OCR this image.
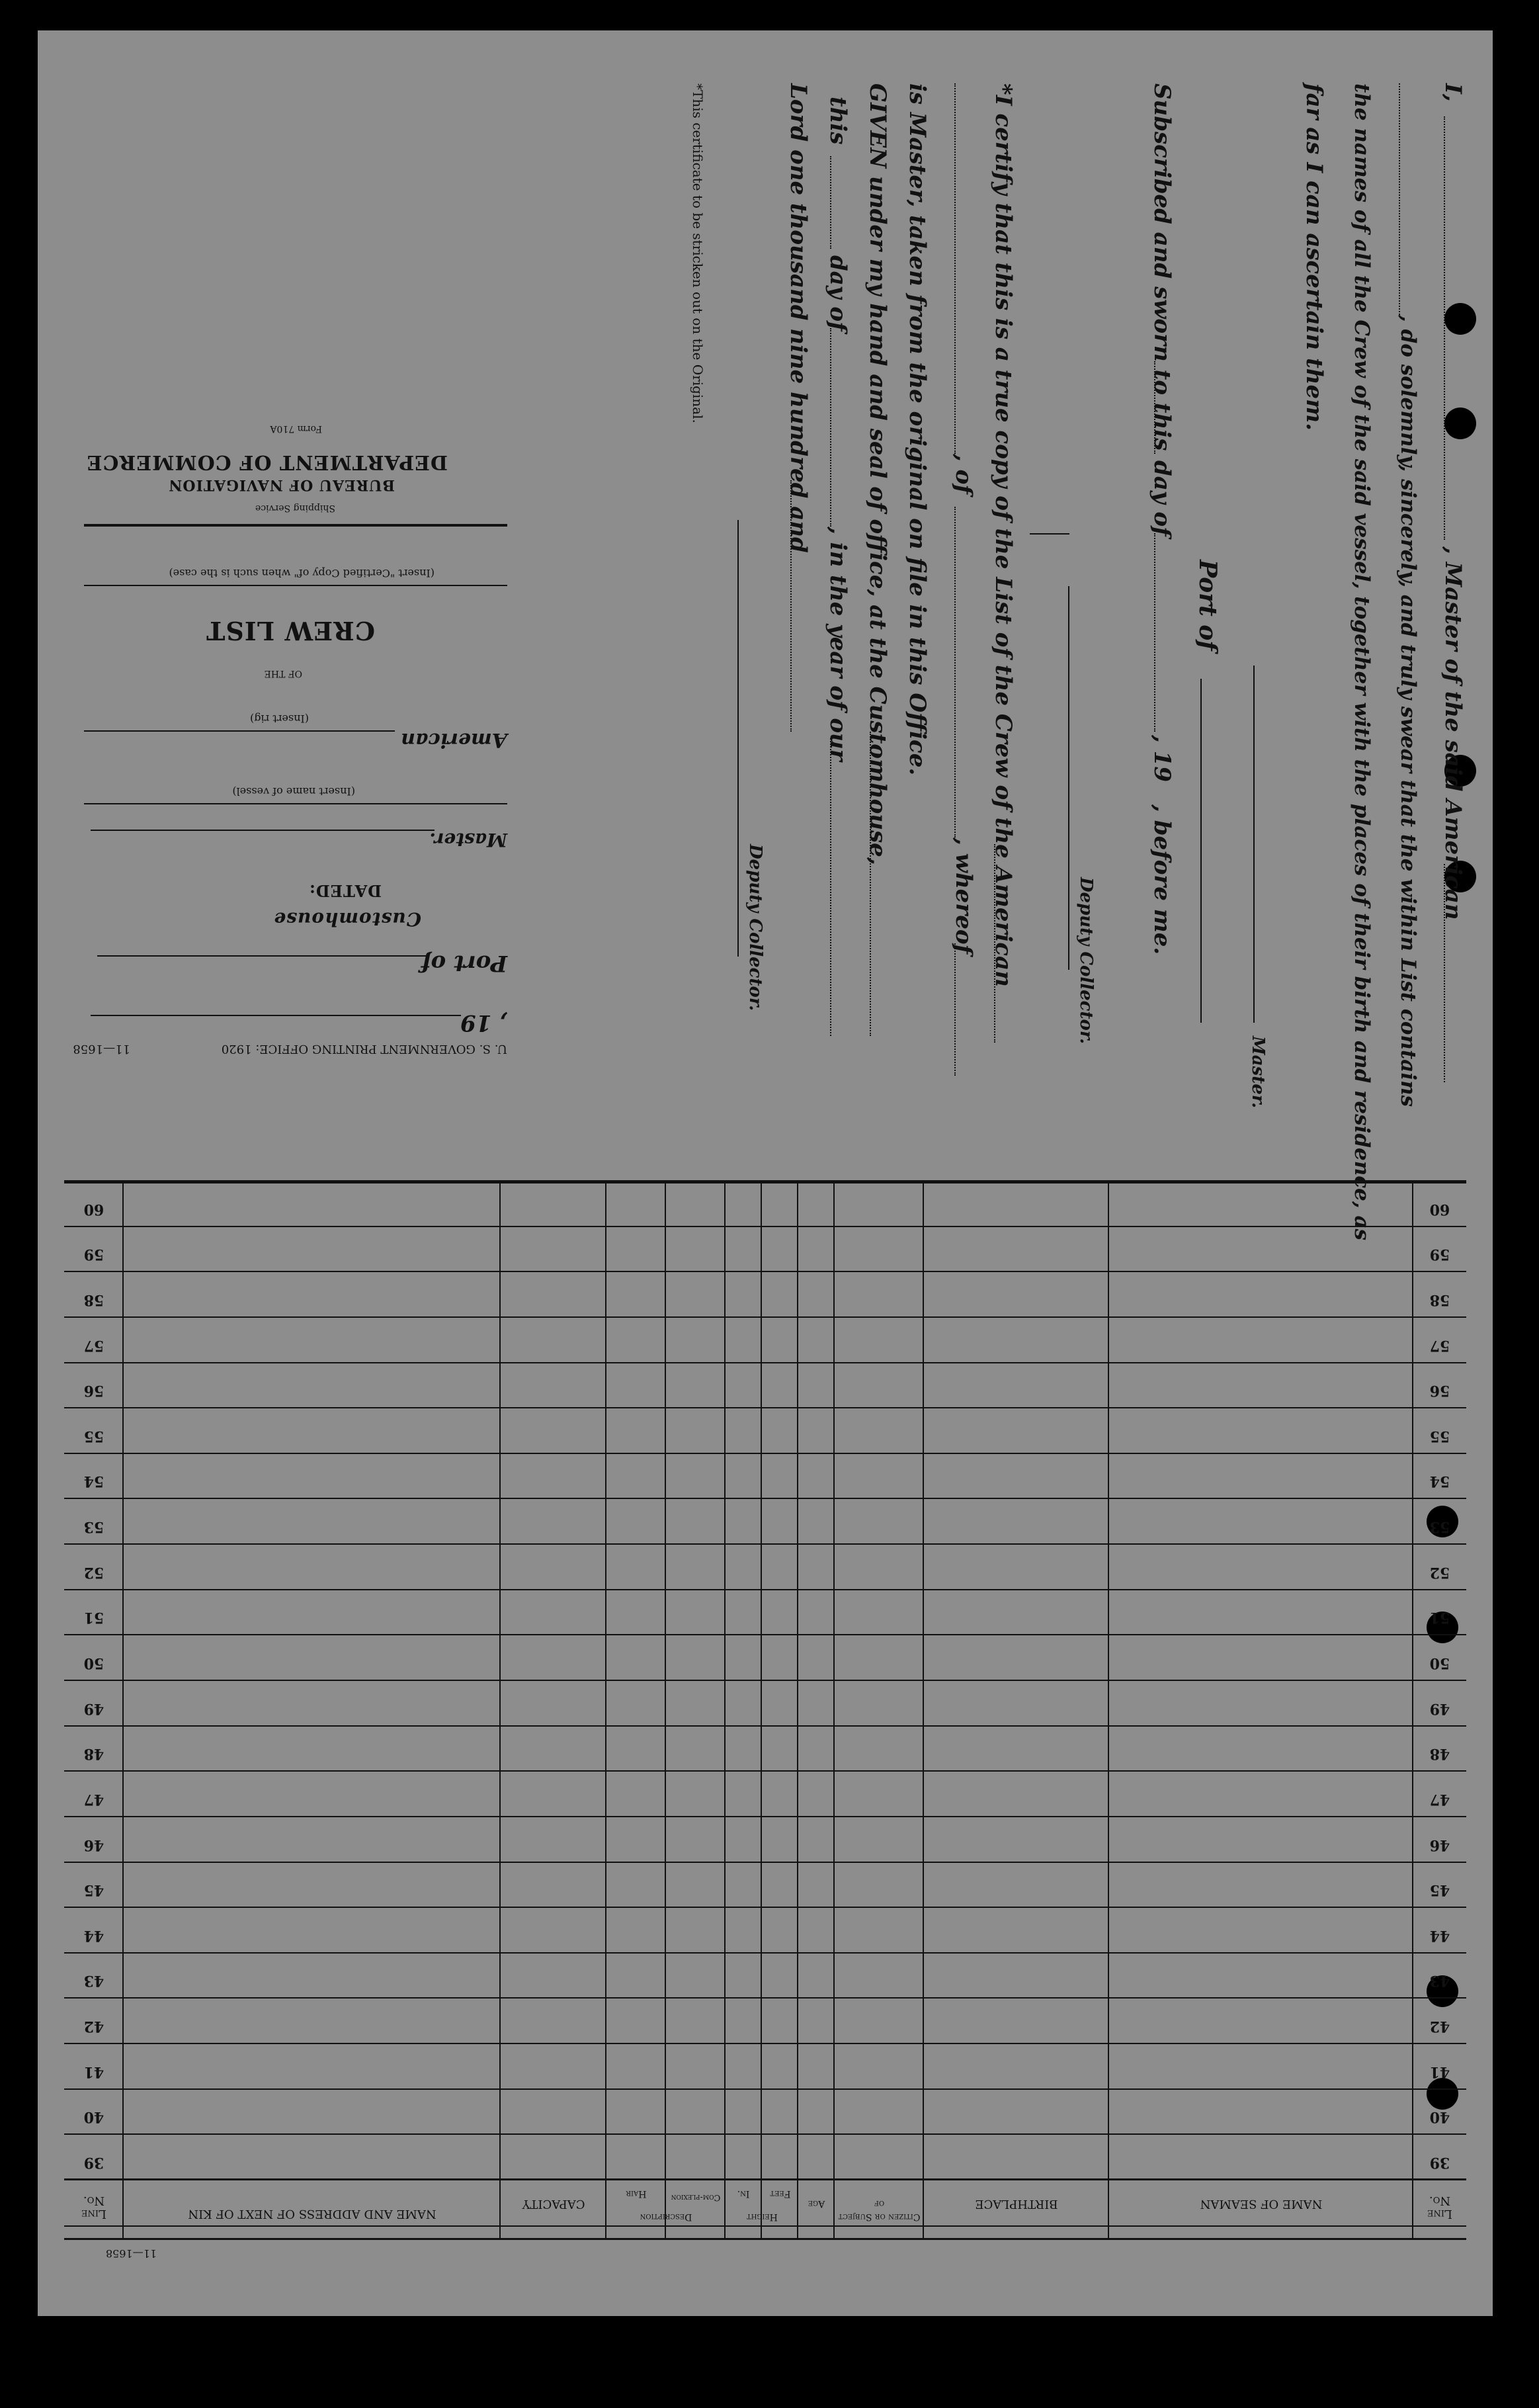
I,
, Master of the said American
, do solemnly, sincerely, and truly swear that the within List contains
the names of all the Crew of the said vessel, together with the places of their birth and residence, as
far as I can ascertain them.
Master.
Port of
Subscribed and sworn to this
day of
, 19
, before me.
Deputy Collector.
*I certify that this is a true copy of the List of the Crew of the American
, of
, whereof
is Master, taken from the original on file in this Office.
GIVEN under my hand and seal of office, at the Customhouse,
this
day of
, in the year of our
Lord one thousand nine hundred and
Deputy Collector.
*This certificate to be stricken out on the Original.
U. S. GOVERNMENT PRINTING OFFICE: 1920
11—1658
, 19
Port of
Customhouse
DATED:
Master.
(Insert name of vessel)
American
(Insert rig)
OF THE
CREW LIST
(Insert "Certified Copy of" when such is the case)
Shipping Service
BUREAU OF NAVIGATION
DEPARTMENT OF COMMERCE
Form 710A
Line No.
NAME OF SEAMAN
BIRTHPLACE
Citizen or Subject of
Age
Height
Feet
In.
Description
Com-plexion
Hair
CAPACITY
NAME AND ADDRESS OF NEXT OF KIN
Line No.
11—1658
39
39
40
40
41
41
42
42
43
43
44
44
45
45
46
46
47
47
48
48
49
49
50
50
51
51
52
52
53
53
54
54
55
55
56
56
57
57
58
58
59
59
60
60
